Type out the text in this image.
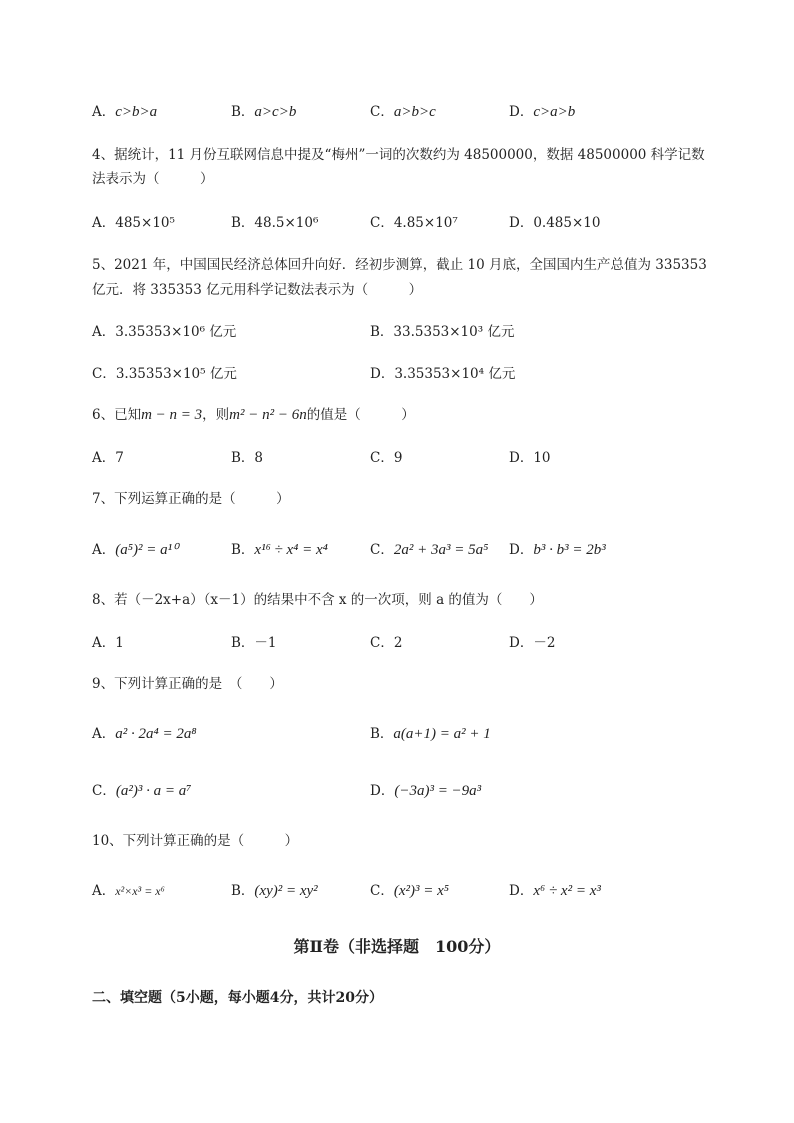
A．c>b>a	B．a>c>b	C．a>b>c	D．c>a>b
4、据统计，11 月份互联网信息中提及“梅州”一词的次数约为 48500000，数据 48500000 科学记数
法表示为（　　　）
A．485×10⁵	B．48.5×10⁶	C．4.85×10⁷	D．0.485×10
5、2021 年，中国国民经济总体回升向好．经初步测算，截止 10 月底，全国国内生产总值为 335353
亿元．将 335353 亿元用科学记数法表示为（　　　）
A．3.35353×10⁶ 亿元	B．33.5353×10³ 亿元
C．3.35353×10⁵ 亿元	D．3.35353×10⁴ 亿元
6、已知m − n = 3，则m² − n² − 6n的值是（　　　）
A．7	B．8	C．9	D．10
7、下列运算正确的是（　　　）
A．(a⁵)² = a¹⁰	B．x¹⁶ ÷ x⁴ = x⁴	C．2a² + 3a³ = 5a⁵ D．b³ · b³ = 2b³
8、若（－2x+a）（x－1）的结果中不含 x 的一次项，则 a 的值为（　　）
A．1	B．－1	C．2	D．－2
9、下列计算正确的是　（　　）
A．a² · 2a⁴ = 2a⁸	B．a(a+1) = a² + 1
C．(a²)³ · a = a⁷	D．(−3a)³ = −9a³
10、下列计算正确的是（　　　）
A．x²×x³ = x⁶	B．(xy)² = xy²	C．(x²)³ = x⁵	D．x⁶ ÷ x² = x³
第Ⅱ卷（非选择题　100分）
二、填空题（5小题，每小题4分，共计20分）
